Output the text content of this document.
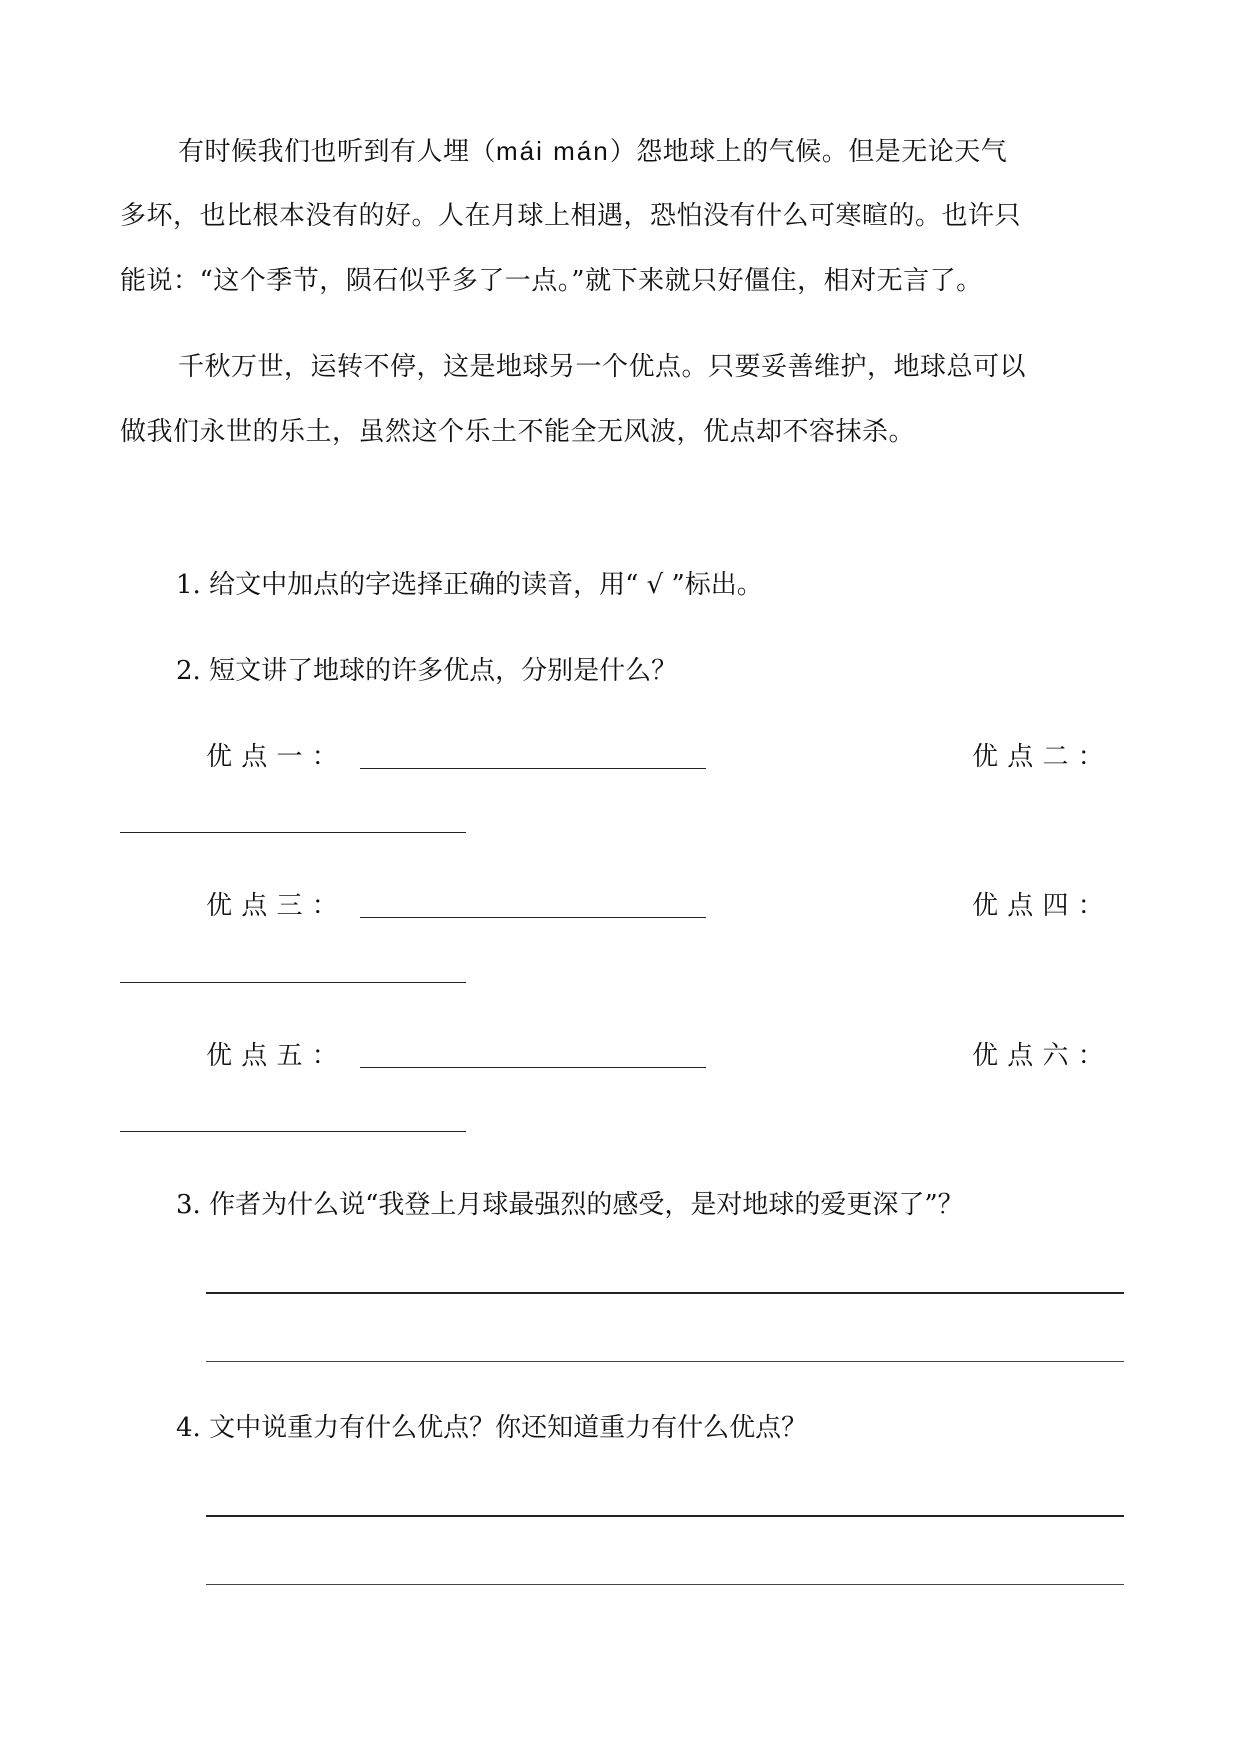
有时候我们也听到有人埋（mái mán）怨地球上的气候。但是无论天气
多坏，也比根本没有的好。人在月球上相遇，恐怕没有什么可寒暄的。也许只
能说：“这个季节，陨石似乎多了一点。”就下来就只好僵住，相对无言了。
千秋万世，运转不停，这是地球另一个优点。只要妥善维护，地球总可以
做我们永世的乐土，虽然这个乐土不能全无风波，优点却不容抹杀。
1. 给文中加点的字选择正确的读音，用“ √ ”标出。
2. 短文讲了地球的许多优点，分别是什么？
优 点 一 ：	优 点 二 ：
优 点 三 ：	优 点 四 ：
优 点 五 ：	优 点 六 ：
3. 作者为什么说“我登上月球最强烈的感受，是对地球的爱更深了”？
4. 文中说重力有什么优点？你还知道重力有什么优点？
